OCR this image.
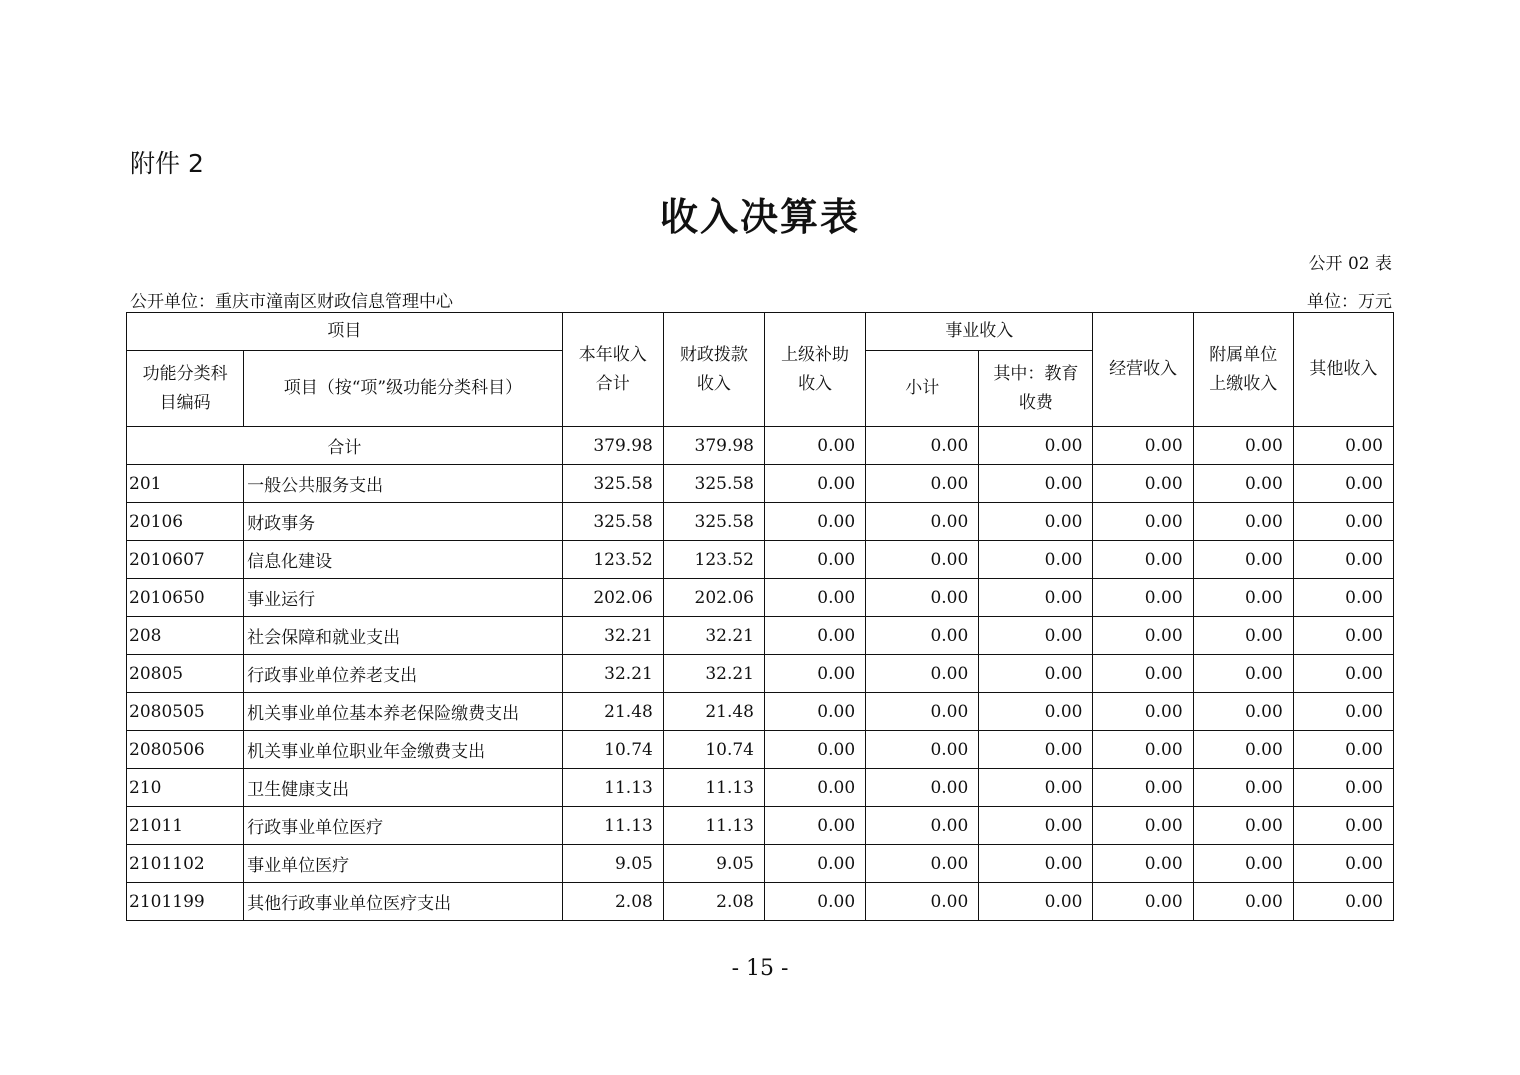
附件 2
收入决算表
公开 02 表
公开单位：重庆市潼南区财政信息管理中心	单位：万元
项目		本年收入合计	财政拨款收入	上级补助收入	事业收入		经营收入	附属单位上缴收入	其他收入
功能分类科目编码	项目（按“项”级功能分类科目）				小计	其中：教育收费			
合计		379.98	379.98	0.00	0.00	0.00	0.00	0.00	0.00
201	一般公共服务支出	325.58	325.58	0.00	0.00	0.00	0.00	0.00	0.00
20106	财政事务	325.58	325.58	0.00	0.00	0.00	0.00	0.00	0.00
2010607	信息化建设	123.52	123.52	0.00	0.00	0.00	0.00	0.00	0.00
2010650	事业运行	202.06	202.06	0.00	0.00	0.00	0.00	0.00	0.00
208	社会保障和就业支出	32.21	32.21	0.00	0.00	0.00	0.00	0.00	0.00
20805	行政事业单位养老支出	32.21	32.21	0.00	0.00	0.00	0.00	0.00	0.00
2080505	机关事业单位基本养老保险缴费支出	21.48	21.48	0.00	0.00	0.00	0.00	0.00	0.00
2080506	机关事业单位职业年金缴费支出	10.74	10.74	0.00	0.00	0.00	0.00	0.00	0.00
210	卫生健康支出	11.13	11.13	0.00	0.00	0.00	0.00	0.00	0.00
21011	行政事业单位医疗	11.13	11.13	0.00	0.00	0.00	0.00	0.00	0.00
2101102	事业单位医疗	9.05	9.05	0.00	0.00	0.00	0.00	0.00	0.00
2101199	其他行政事业单位医疗支出	2.08	2.08	0.00	0.00	0.00	0.00	0.00	0.00
- 15 -
